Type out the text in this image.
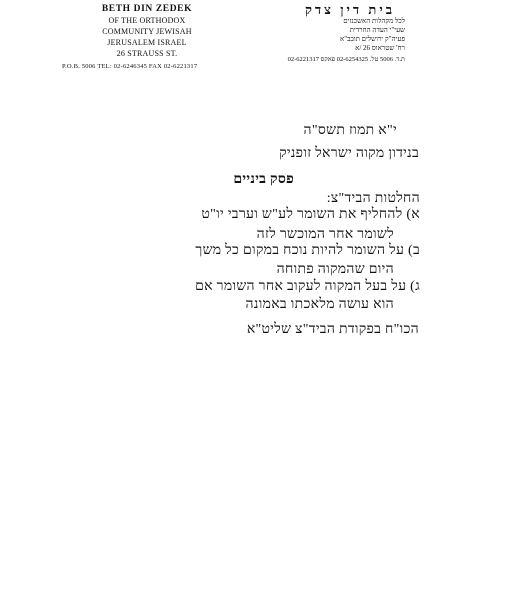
BETH DIN ZEDEK
OF THE ORTHODOX
COMMUNITY JEWISAH
JERUSALEM ISRAEL
26 STRAUSS ST.
P.O.B. 5006 TEL: 02-6246345 FAX 02-6221317
בית דין צדק
לכל מקהלות האשכנזים
שעי"י העדה החרדית
פעיה"ק ירושלים תובב"א
רח' שטראוס 26 /א
ת.ד. 5006 טל. 02-6254325 פאקס 02-6221317
י"א תמוז תשס"ה
בנידון מקוה ישראל זופניק
פסק ביניים
החלטות הביד"צ:
א) להחליף את השומר לע"ש וערבי יו"ט
לשומר אחר המוכשר לזה
ב) על השומר להיות נוכח במקום כל משך
היום שהמקוה פתוחה
ג) על בעל המקוה לעקוב אחר השומר אם
הוא עושה מלאכתו באמונה
הכו"ח בפקודת הביד"צ שליט"א
